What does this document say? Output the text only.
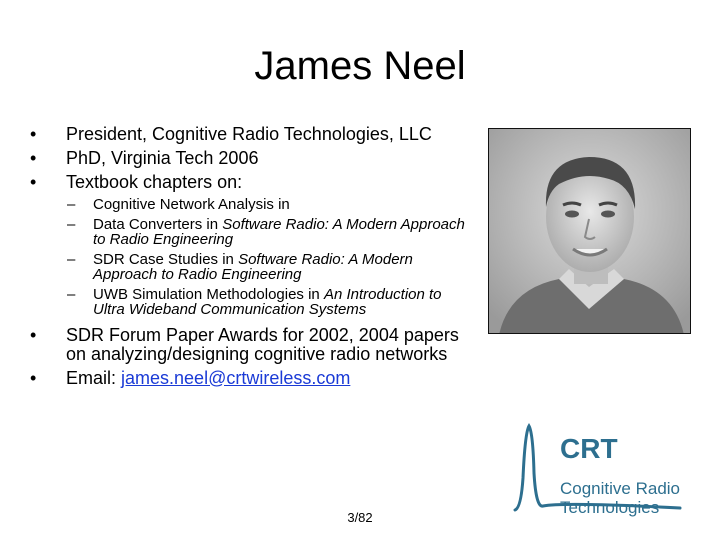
James Neel
• President, Cognitive Radio Technologies, LLC
• PhD, Virginia Tech 2006
• Textbook chapters on:
– Cognitive Network Analysis in
– Data Converters in Software Radio: A Modern Approach to Radio Engineering
– SDR Case Studies in Software Radio: A Modern Approach to Radio Engineering
– UWB Simulation Methodologies in An Introduction to Ultra Wideband Communication Systems
• SDR Forum Paper Awards for 2002, 2004 papers on analyzing/designing cognitive radio networks
• Email: james.neel@crtwireless.com
CRT
Cognitive Radio
Technologies
3/82
